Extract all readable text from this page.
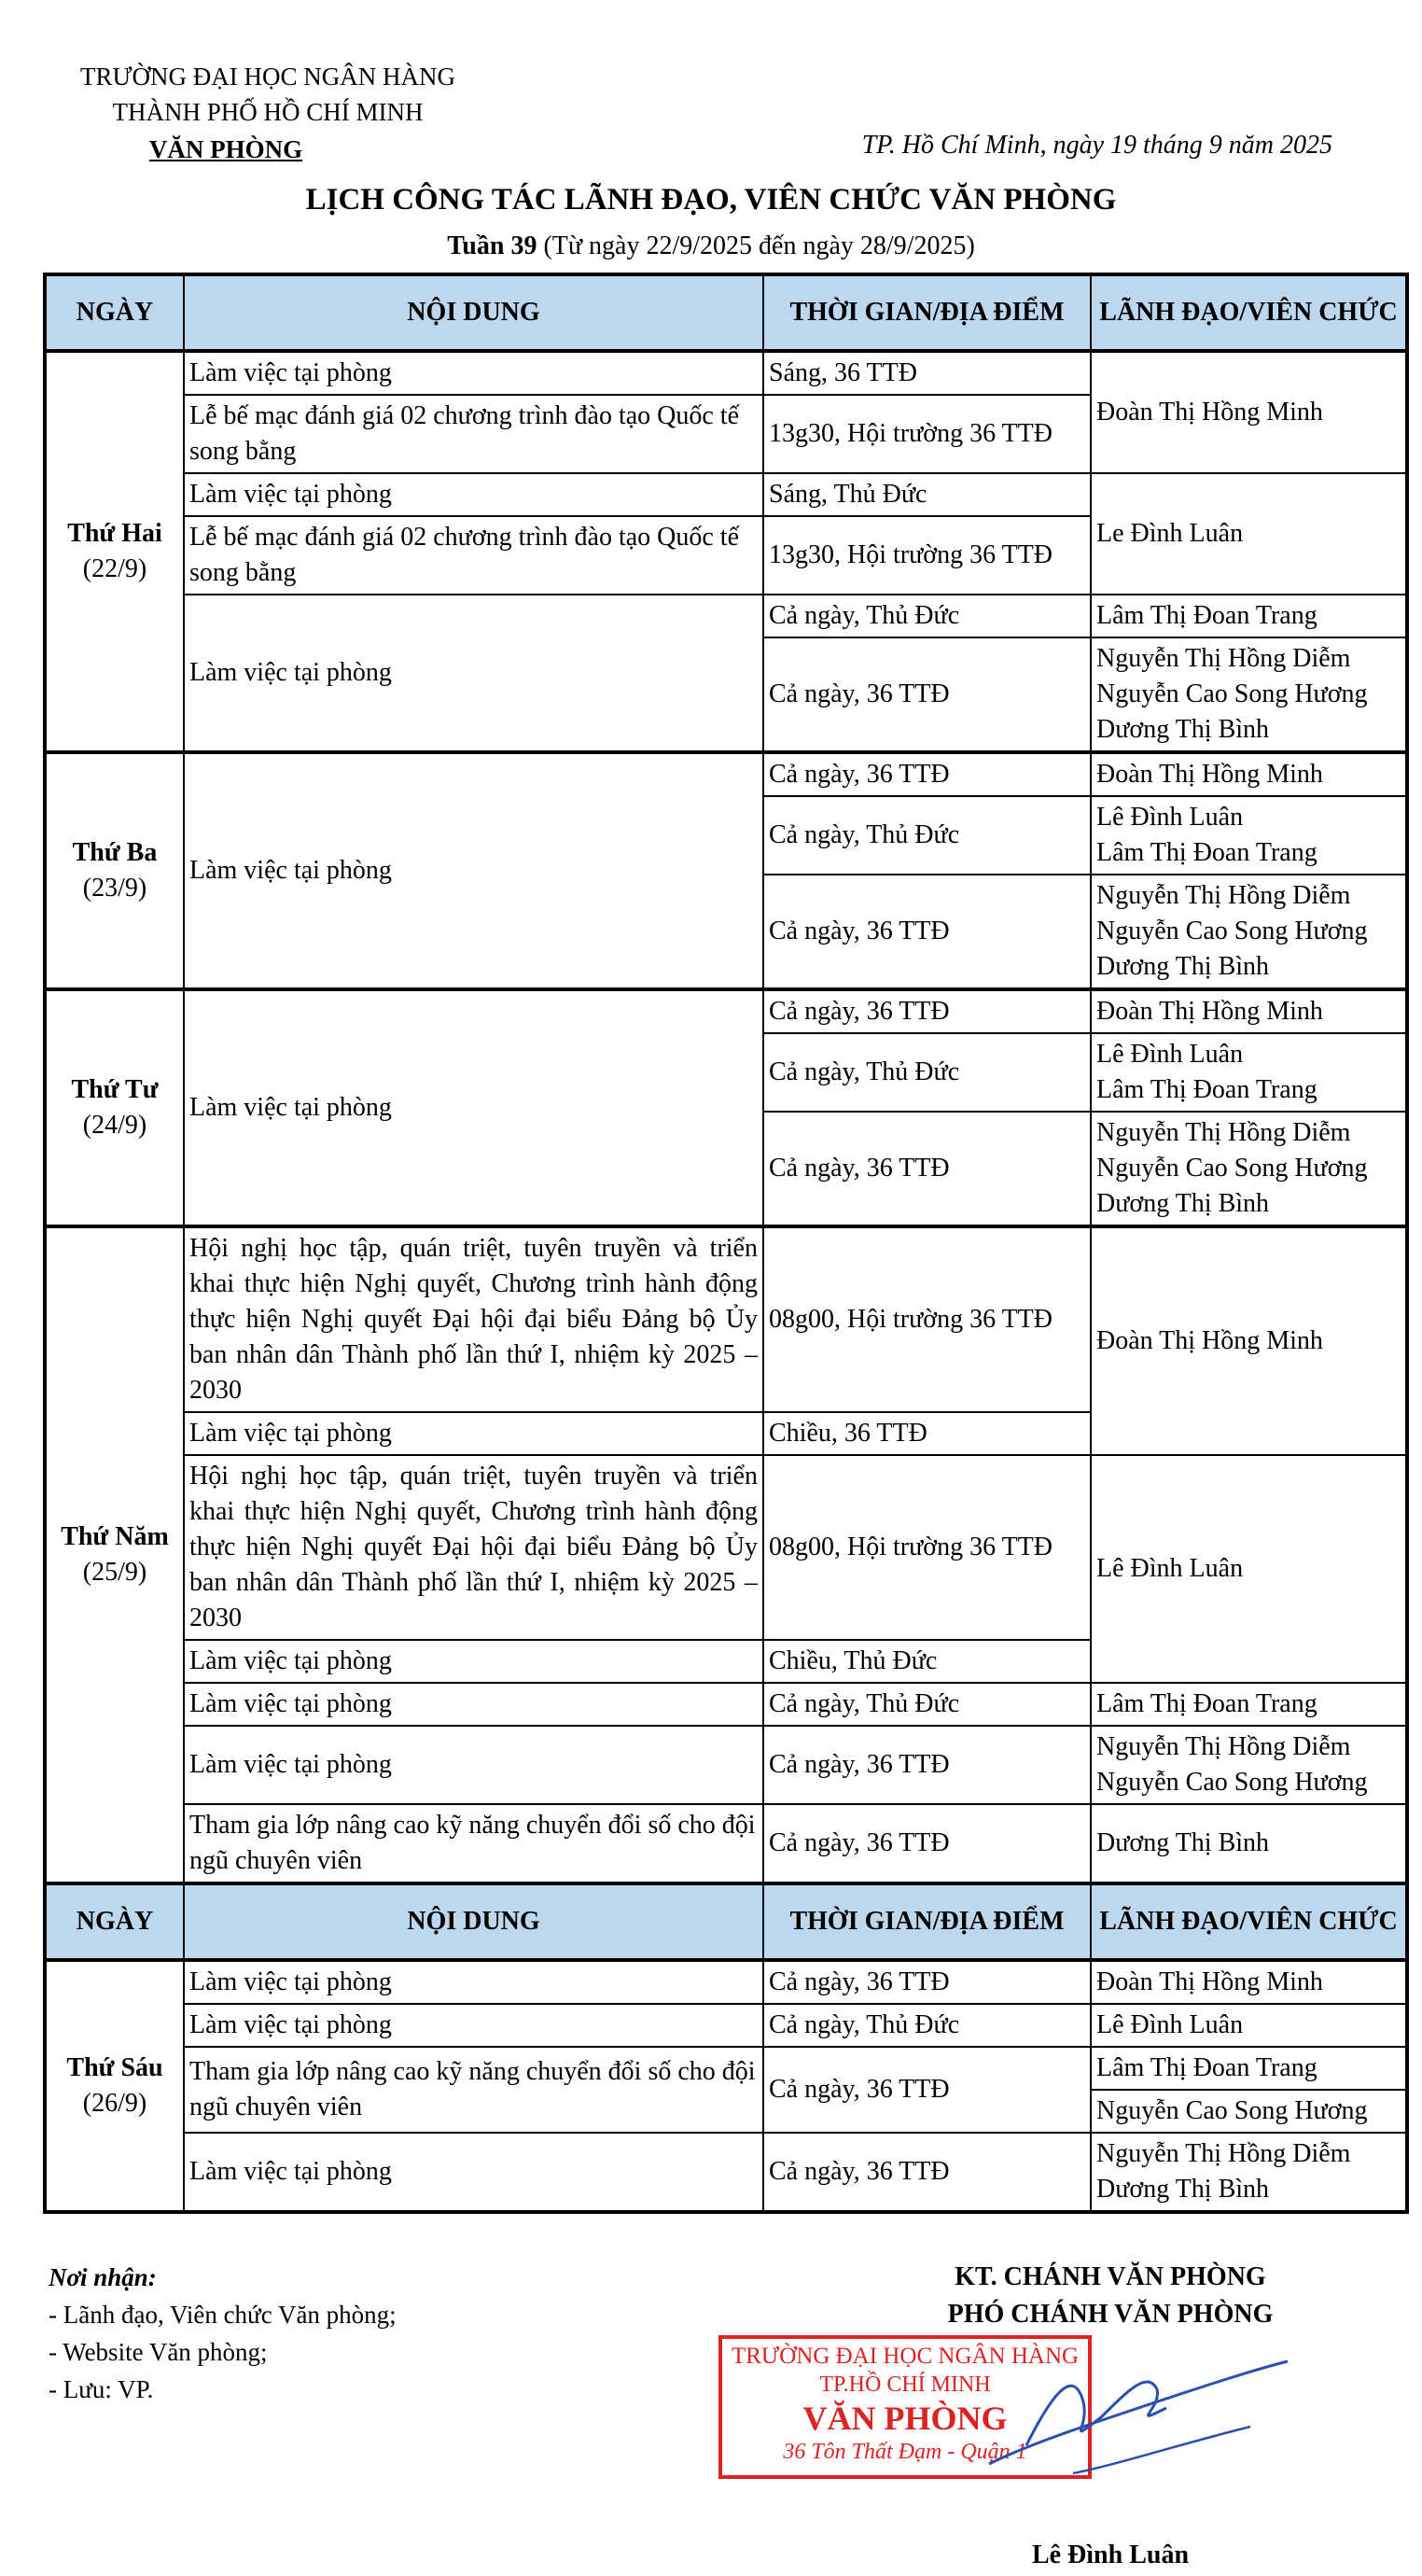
TRƯỜNG ĐẠI HỌC NGÂN HÀNG
THÀNH PHỐ HỒ CHÍ MINH
VĂN PHÒNG	TP. Hồ Chí Minh, ngày 19 tháng 9 năm 2025
LỊCH CÔNG TÁC LÃNH ĐẠO, VIÊN CHỨC VĂN PHÒNG
Tuần 39 (Từ ngày 22/9/2025 đến ngày 28/9/2025)
NGÀY	NỘI DUNG	THỜI GIAN/ĐỊA ĐIỂM	LÃNH ĐẠO/VIÊN CHỨC

Thứ Hai
(22/9)	Làm việc tại phòng	Sáng, 36 TTĐ	Đoàn Thị Hồng Minh
	Lễ bế mạc đánh giá 02 chương trình đào tạo Quốc tế song bằng	13g30, Hội trường 36 TTĐ	
	Làm việc tại phòng	Sáng, Thủ Đức	Le Đình Luân
	Lễ bế mạc đánh giá 02 chương trình đào tạo Quốc tế song bằng	13g30, Hội trường 36 TTĐ	
	Làm việc tại phòng	Cả ngày, Thủ Đức	Lâm Thị Đoan Trang
		Cả ngày, 36 TTĐ	Nguyễn Thị Hồng Diễm
Nguyễn Cao Song Hương
Dương Thị Bình

Thứ Ba
(23/9)	Làm việc tại phòng	Cả ngày, 36 TTĐ	Đoàn Thị Hồng Minh
		Cả ngày, Thủ Đức	Lê Đình Luân
Lâm Thị Đoan Trang

		Cả ngày, 36 TTĐ	Nguyễn Thị Hồng Diễm
Nguyễn Cao Song Hương
Dương Thị Bình

Thứ Tư
(24/9)	Làm việc tại phòng	Cả ngày, 36 TTĐ	Đoàn Thị Hồng Minh
		Cả ngày, Thủ Đức	Lê Đình Luân
Lâm Thị Đoan Trang

		Cả ngày, 36 TTĐ	Nguyễn Thị Hồng Diễm
Nguyễn Cao Song Hương
Dương Thị Bình

Thứ Năm
(25/9)	Hội nghị học tập, quán triệt, tuyên truyền và triển khai thực hiện Nghị quyết, Chương trình hành động thực hiện Nghị quyết Đại hội đại biểu Đảng bộ Ủy ban nhân dân Thành phố lần thứ I, nhiệm kỳ 2025 – 2030	08g00, Hội trường 36 TTĐ	Đoàn Thị Hồng Minh
	Làm việc tại phòng	Chiều, 36 TTĐ	
	Hội nghị học tập, quán triệt, tuyên truyền và triển khai thực hiện Nghị quyết, Chương trình hành động thực hiện Nghị quyết Đại hội đại biểu Đảng bộ Ủy ban nhân dân Thành phố lần thứ I, nhiệm kỳ 2025 – 2030	08g00, Hội trường 36 TTĐ	Lê Đình Luân
	Làm việc tại phòng	Chiều, Thủ Đức	
	Làm việc tại phòng	Cả ngày, Thủ Đức	Lâm Thị Đoan Trang
	Làm việc tại phòng	Cả ngày, 36 TTĐ	Nguyễn Thị Hồng Diễm
Nguyễn Cao Song Hương

	Tham gia lớp nâng cao kỹ năng chuyển đổi số cho đội ngũ chuyên viên	Cả ngày, 36 TTĐ	Dương Thị Bình
NGÀY	NỘI DUNG	THỜI GIAN/ĐỊA ĐIỂM	LÃNH ĐẠO/VIÊN CHỨC

Thứ Sáu
(26/9)	Làm việc tại phòng	Cả ngày, 36 TTĐ	Đoàn Thị Hồng Minh
	Làm việc tại phòng	Cả ngày, Thủ Đức	Lê Đình Luân
	Tham gia lớp nâng cao kỹ năng chuyển đổi số cho đội ngũ chuyên viên	Cả ngày, 36 TTĐ	Lâm Thị Đoan Trang
			Nguyễn Cao Song Hương
	Làm việc tại phòng	Cả ngày, 36 TTĐ	Nguyễn Thị Hồng Diễm
Dương Thị Bình
Nơi nhận:
- Lãnh đạo, Viên chức Văn phòng;
- Website Văn phòng;
- Lưu: VP.
KT. CHÁNH VĂN PHÒNG
PHÓ CHÁNH VĂN PHÒNG
TRƯỜNG ĐẠI HỌC NGÂN HÀNG
TP.HỒ CHÍ MINH
VĂN PHÒNG
36 Tôn Thất Đạm - Quận 1
Lê Đình Luân
